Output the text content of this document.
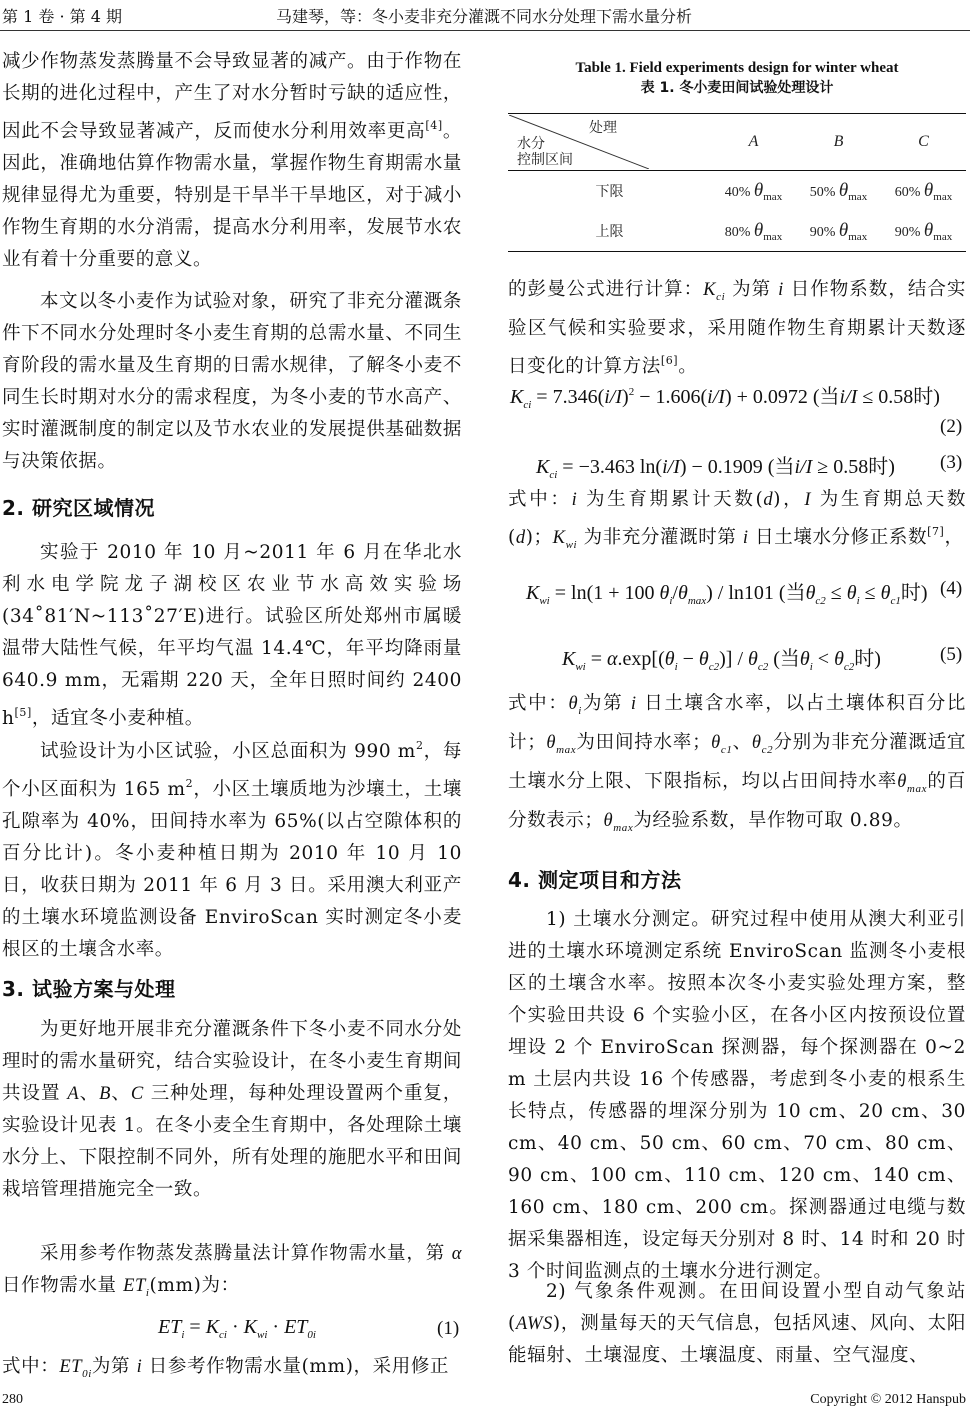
第 1 卷 · 第 4 期	马建琴，等：冬小麦非充分灌溉不同水分处理下需水量分析
减少作物蒸发蒸腾量不会导致显著的减产。由于作物在长期的进化过程中，产生了对水分暂时亏缺的适应性，因此不会导致显著减产，反而使水分利用效率更高[4]。因此，准确地估算作物需水量，掌握作物生育期需水量规律显得尤为重要，特别是干旱半干旱地区，对于减小作物生育期的水分消需，提高水分利用率，发展节水农业有着十分重要的意义。
本文以冬小麦作为试验对象，研究了非充分灌溉条件下不同水分处理时冬小麦生育期的总需水量、不同生育阶段的需水量及生育期的日需水规律，了解冬小麦不同生长时期对水分的需求程度，为冬小麦的节水高产、实时灌溉制度的制定以及节水农业的发展提供基础数据与决策依据。
2. 研究区域情况
实验于 2010 年 10 月~2011 年 6 月在华北水利水电学院龙子湖校区农业节水高效实验场(34˚81′N~113˚27′E)进行。试验区所处郑州市属暖温带大陆性气候，年平均气温 14.4℃，年平均降雨量 640.9 mm，无霜期 220 天，全年日照时间约 2400 h[5]，适宜冬小麦种植。
试验设计为小区试验，小区总面积为 990 $m^2$，每个小区面积为 165 $m^2$，小区土壤质地为沙壤土，土壤孔隙率为 40%，田间持水率为 65%(以占空隙体积的百分比计)。冬小麦种植日期为 2010 年 10 月 10 日，收获日期为 2011 年 6 月 3 日。采用澳大利亚产的土壤水环境监测设备 EnviroScan 实时测定冬小麦根区的土壤含水率。
3. 试验方案与处理
为更好地开展非充分灌溉条件下冬小麦不同水分处理时的需水量研究，结合实验设计，在冬小麦生育期间共设置 A、B、C 三种处理，每种处理设置两个重复，实验设计见表 1。在冬小麦全生育期中，各处理除土壤水分上、下限控制不同外，所有处理的施肥水平和田间栽培管理措施完全一致。
采用参考作物蒸发蒸腾量法计算作物需水量，第 α 日作物需水量 $ET_i(mm)$为：
$ET_i = K_{ci} \cdot K_{wi} \cdot ET_{0i}$	(1)
式中：$ET_{0i}$为第 i 日参考作物需水量(mm)，采用修正
Table 1. Field experiments design for winter wheat
表 1. 冬小麦田间试验处理设计
处理
水分
控制区间	A	B	C
下限	40% $\theta_{max}$	50% $\theta_{max}$	60% $\theta_{max}$
上限	80% $\theta_{max}$	90% $\theta_{max}$	90% $\theta_{max}$
的彭曼公式进行计算：$K_{ci}$ 为第 i 日作物系数，结合实验区气候和实验要求，采用随作物生育期累计天数逐日变化的计算方法[6]。
$K_{ci} = 7.346(i/I)^2 - 1.606(i/I) + 0.0972$ (当i/I ≤ 0.58时)
(2)
$K_{ci} = -3.463$ ln(i/I) − 0.1909 (当i/I ≥ 0.58时) (3)
式中：i 为生育期累计天数(d)，I 为生育期总天数(d)；$K_{wi}$ 为非充分灌溉时第 i 日土壤水分修正系数[7]，
$K_{wi} = \ln(1 + 100$ $\theta_i/\theta_{max}) / \ln 101$ (当$\theta_{c2} \le \theta_i \le \theta_{c1}$时) (4)
$K_{wi} = \alpha.\exp[(\theta_i - \theta_{c2})] / \theta_{c2}$ (当$\theta_i < \theta_{c2}$时)	(5)
式中：$\theta_i$为第 i 日土壤含水率，以占土壤体积百分比计；$\theta_{max}$为田间持水率；$\theta_{c1}$、$\theta_{c2}$分别为非充分灌溉适宜土壤水分上限、下限指标，均以占田间持水率$\theta_{max}$的百分数表示；$\theta_{max}$为经验系数，旱作物可取 0.89。
4. 测定项目和方法
1) 土壤水分测定。研究过程中使用从澳大利亚引进的土壤水环境测定系统 EnviroScan 监测冬小麦根区的土壤含水率。按照本次冬小麦实验处理方案，整个实验田共设 6 个实验小区，在各小区内按预设位置埋设 2 个 EnviroScan 探测器，每个探测器在 0~2 m 土层内共设 16 个传感器，考虑到冬小麦的根系生长特点，传感器的埋深分别为 10 cm、20 cm、30 cm、40 cm、50 cm、60 cm、70 cm、80 cm、90 cm、100 cm、110 cm、120 cm、140 cm、160 cm、180 cm、200 cm。探测器通过电缆与数据采集器相连，设定每天分别对 8 时、14 时和 20 时 3 个时间监测点的土壤水分进行测定。
2) 气象条件观测。在田间设置小型自动气象站(AWS)，测量每天的天气信息，包括风速、风向、太阳能辐射、土壤湿度、土壤温度、雨量、空气湿度、
280	Copyright © 2012 Hanspub
